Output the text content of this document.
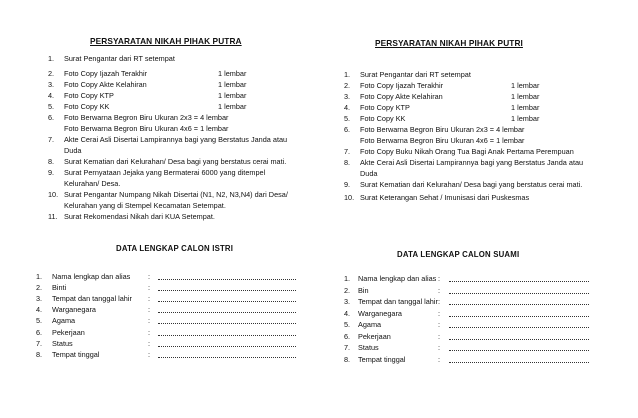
PERSYARATAN NIKAH PIHAK PUTRA
1. Surat Pengantar dari RT setempat
2. Foto Copy Ijazah Terakhir	1 lembar
3. Foto Copy Akte Kelahiran	1 lembar
4. Foto Copy KTP	1 lembar
5. Foto Copy KK	1 lembar
6. Foto Berwarna Begron Biru Ukuran 2x3 = 4 lembar
Foto Berwarna Begron Biru Ukuran 4x6 = 1 lembar
7. Akte Cerai Asli Disertai Lampirannya bagi yang Berstatus Janda atau
Duda
8. Surat Kematian dari Kelurahan/ Desa bagi yang berstatus cerai mati.
9. Surat Pernyataan Jejaka yang Bermaterai 6000 yang ditempel
Kelurahan/ Desa.
10. Surat Pengantar Numpang Nikah Disertai (N1, N2, N3,N4) dari Desa/
Kelurahan yang di Stempel Kecamatan Setempat.
11. Surat Rekomendasi Nikah dari KUA Setempat.
DATA LENGKAP CALON ISTRI
1. Nama lengkap dan alias :
2. Binti	:
3. Tempat dan tanggal lahir :
4. Warganegara	:
5. Agama	:
6. Pekerjaan	:
7. Status	:
8. Tempat tinggal	:
PERSYARATAN NIKAH PIHAK PUTRI
1. Surat Pengantar dari RT setempat
2. Foto Copy Ijazah Terakhir	1 lembar
3. Foto Copy Akte Kelahiran	1 lembar
4. Foto Copy KTP	1 lembar
5. Foto Copy KK	1 lembar
6. Foto Berwarna Begron Biru Ukuran 2x3 = 4 lembar
Foto Berwarna Begron Biru Ukuran 4x6 = 1 lembar
7. Foto Copy Buku Nikah Orang Tua Bagi Anak Pertama Perempuan
8. Akte Cerai Asli Disertai Lampirannya bagi yang Berstatus Janda atau
Duda
9. Surat Kematian dari Kelurahan/ Desa bagi yang berstatus cerai mati.
10. Surat Keterangan Sehat / Imunisasi dari Puskesmas
DATA LENGKAP CALON SUAMI
1. Nama lengkap dan alias :
2. Bin	:
3. Tempat dan tanggal lahir :
4. Warganegara	:
5. Agama	:
6. Pekerjaan	:
7. Status	:
8. Tempat tinggal	:
